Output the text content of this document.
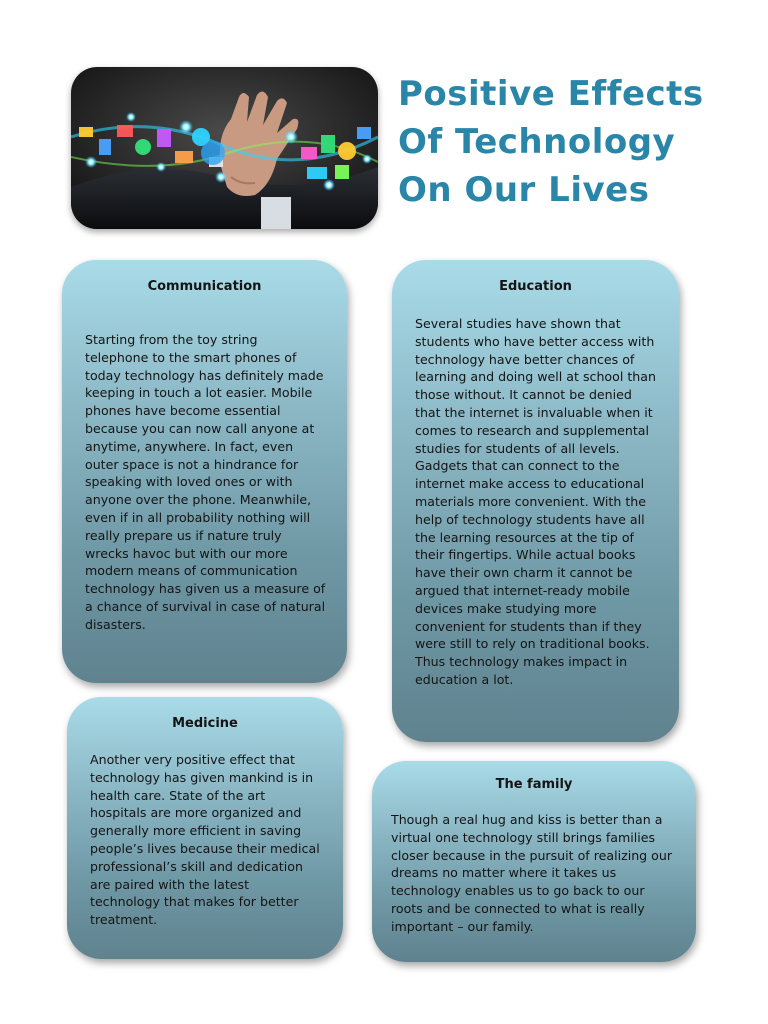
Positive Effects
Of Technology
On Our Lives
Communication

Starting from the toy string
telephone to the smart phones of
today technology has definitely made
keeping in touch a lot easier. Mobile
phones have become essential
because you can now call anyone at
anytime, anywhere. In fact, even
outer space is not a hindrance for
speaking with loved ones or with
anyone over the phone. Meanwhile,
even if in all probability nothing will
really prepare us if nature truly
wrecks havoc but with our more
modern means of communication
technology has given us a measure of
a chance of survival in case of natural
disasters.

Education

Several studies have shown that
students who have better access with
technology have better chances of
learning and doing well at school than
those without. It cannot be denied
that the internet is invaluable when it
comes to research and supplemental
studies for students of all levels.
Gadgets that can connect to the
internet make access to educational
materials more convenient. With the
help of technology students have all
the learning resources at the tip of
their fingertips. While actual books
have their own charm it cannot be
argued that internet-ready mobile
devices make studying more
convenient for students than if they
were still to rely on traditional books.
Thus technology makes impact in
education a lot.

Medicine

Another very positive effect that
technology has given mankind is in
health care. State of the art
hospitals are more organized and
generally more efficient in saving
people’s lives because their medical
professional’s skill and dedication
are paired with the latest
technology that makes for better
treatment.

The family

Though a real hug and kiss is better than a
virtual one technology still brings families
closer because in the pursuit of realizing our
dreams no matter where it takes us
technology enables us to go back to our
roots and be connected to what is really
important – our family.
